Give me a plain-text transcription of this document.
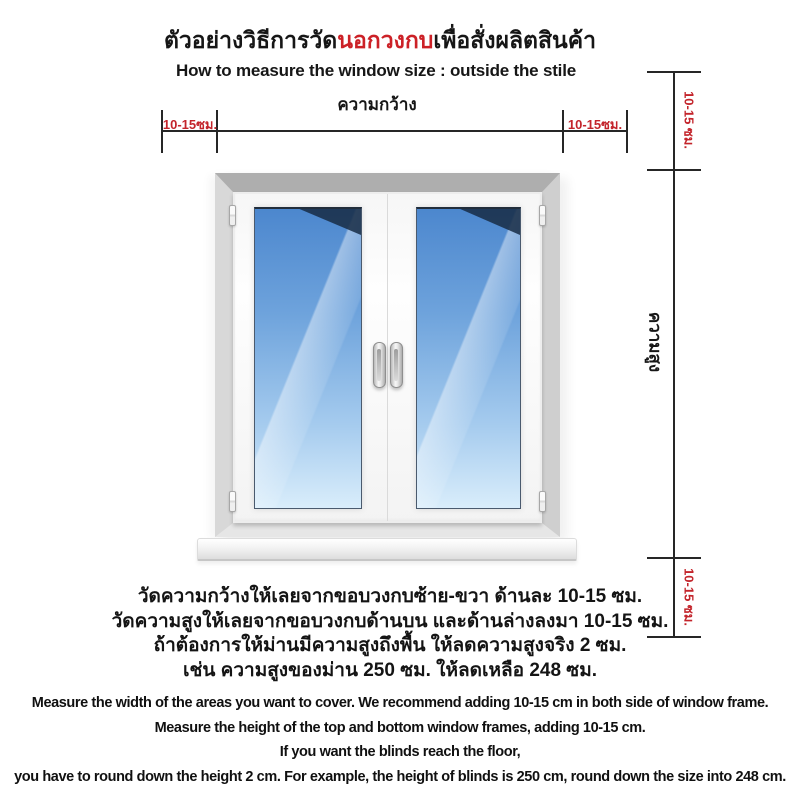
ตัวอย่างวิธีการวัดนอกวงกบเพื่อสั่งผลิตสินค้า
How to measure the window size : outside the stile
ความกว้าง
10-15ซม.	10-15ซม.
ความสูง
10-15 ซม.
10-15 ซม.
วัดความกว้างให้เลยจากขอบวงกบซ้าย-ขวา ด้านละ 10-15 ซม.
วัดความสูงให้เลยจากขอบวงกบด้านบน และด้านล่างลงมา 10-15 ซม.
ถ้าต้องการให้ม่านมีความสูงถึงพื้น ให้ลดความสูงจริง 2 ซม.
เช่น ความสูงของม่าน 250 ซม. ให้ลดเหลือ 248 ซม.
Measure the width of the areas you want to cover. We recommend adding 10-15 cm in both side of window frame.
Measure the height of the top and bottom window frames, adding 10-15 cm.
If you want the blinds reach the floor,
you have to round down the height 2 cm. For example, the height of blinds is 250 cm, round down the size into 248 cm.
